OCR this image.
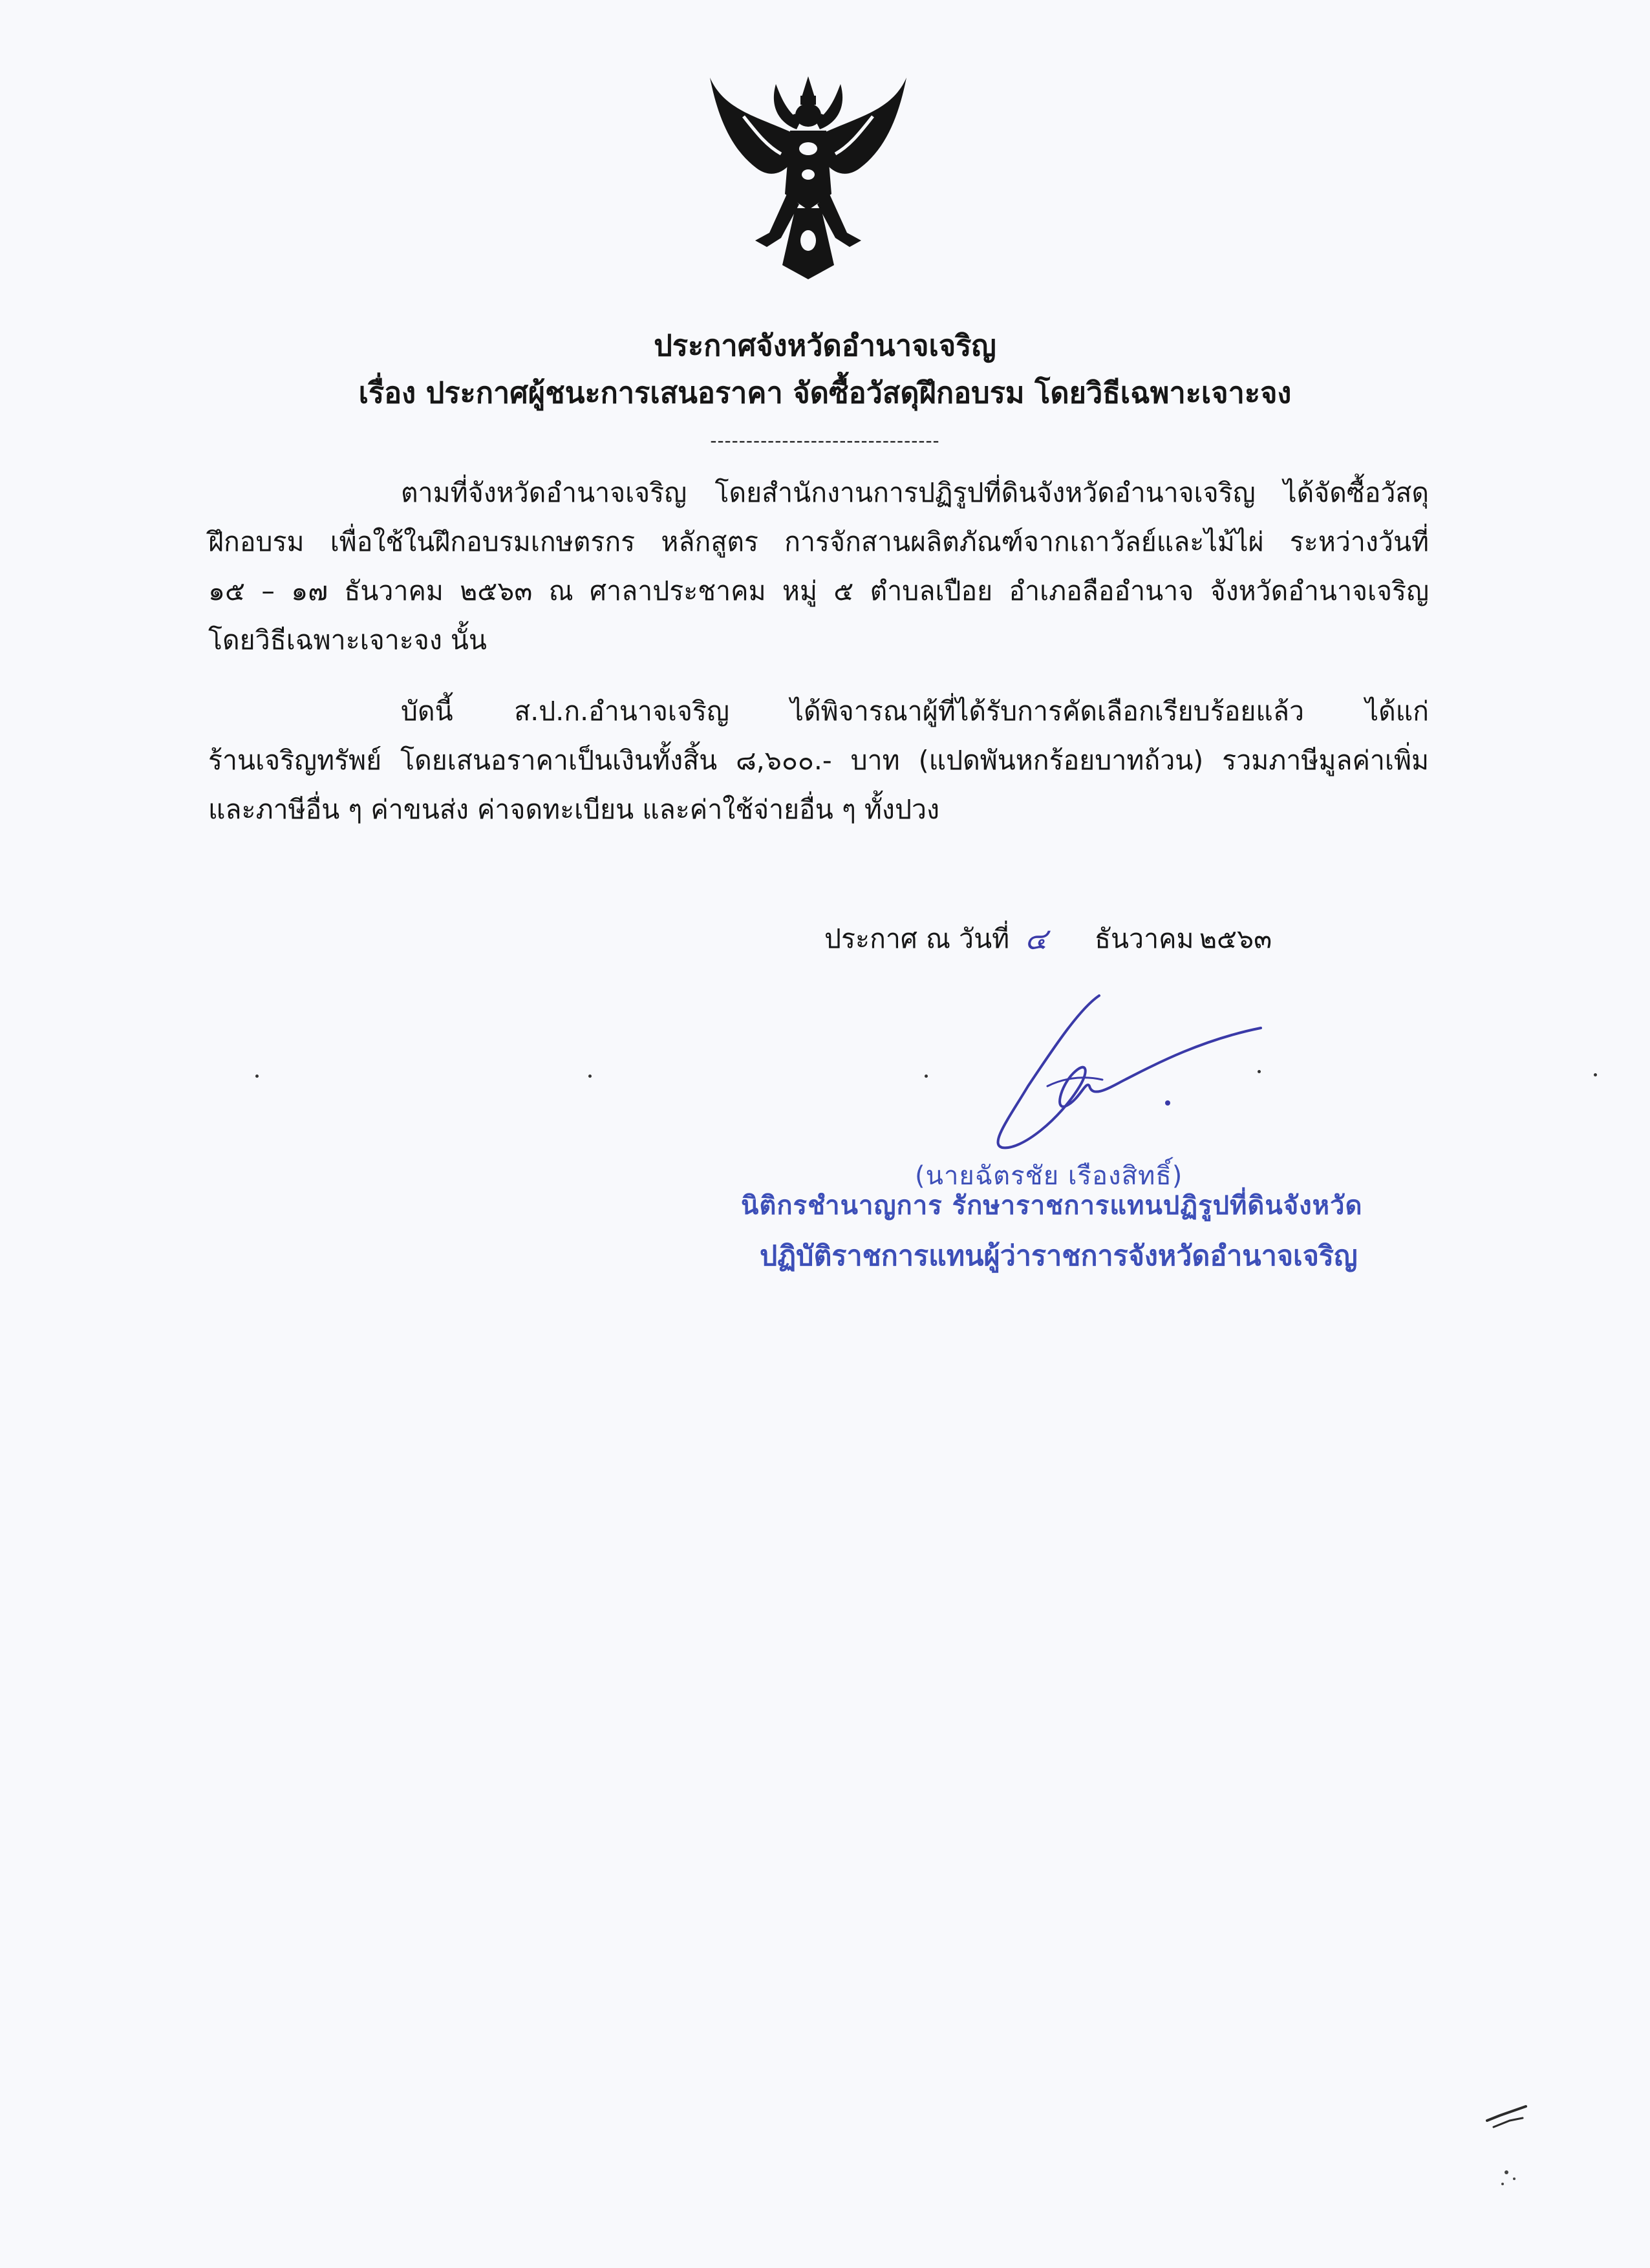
ประกาศจังหวัดอำนาจเจริญ
เรื่อง ประกาศผู้ชนะการเสนอราคา จัดซื้อวัสดุฝึกอบรม โดยวิธีเฉพาะเจาะจง
--------------------------------
ตามที่จังหวัดอำนาจเจริญ โดยสำนักงานการปฏิรูปที่ดินจังหวัดอำนาจเจริญ ได้จัดซื้อวัสดุ
ฝึกอบรม เพื่อใช้ในฝึกอบรมเกษตรกร หลักสูตร การจักสานผลิตภัณฑ์จากเถาวัลย์และไม้ไผ่ ระหว่างวันที่
๑๕ – ๑๗ ธันวาคม ๒๕๖๓ ณ ศาลาประชาคม หมู่ ๕ ตำบลเปือย อำเภอลืออำนาจ จังหวัดอำนาจเจริญ
โดยวิธีเฉพาะเจาะจง นั้น
บัดนี้ ส.ป.ก.อำนาจเจริญ ได้พิจารณาผู้ที่ได้รับการคัดเลือกเรียบร้อยแล้ว ได้แก่
ร้านเจริญทรัพย์ โดยเสนอราคาเป็นเงินทั้งสิ้น ๘,๖๐๐.- บาท (แปดพันหกร้อยบาทถ้วน) รวมภาษีมูลค่าเพิ่ม
และภาษีอื่น ๆ ค่าขนส่ง ค่าจดทะเบียน และค่าใช้จ่ายอื่น ๆ ทั้งปวง
ประกาศ ณ วันที่ ๔ ธันวาคม ๒๕๖๓
(นายฉัตรชัย เรืองสิทธิ์)
นิติกรชำนาญการ รักษาราชการแทนปฏิรูปที่ดินจังหวัด
ปฏิบัติราชการแทนผู้ว่าราชการจังหวัดอำนาจเจริญ
